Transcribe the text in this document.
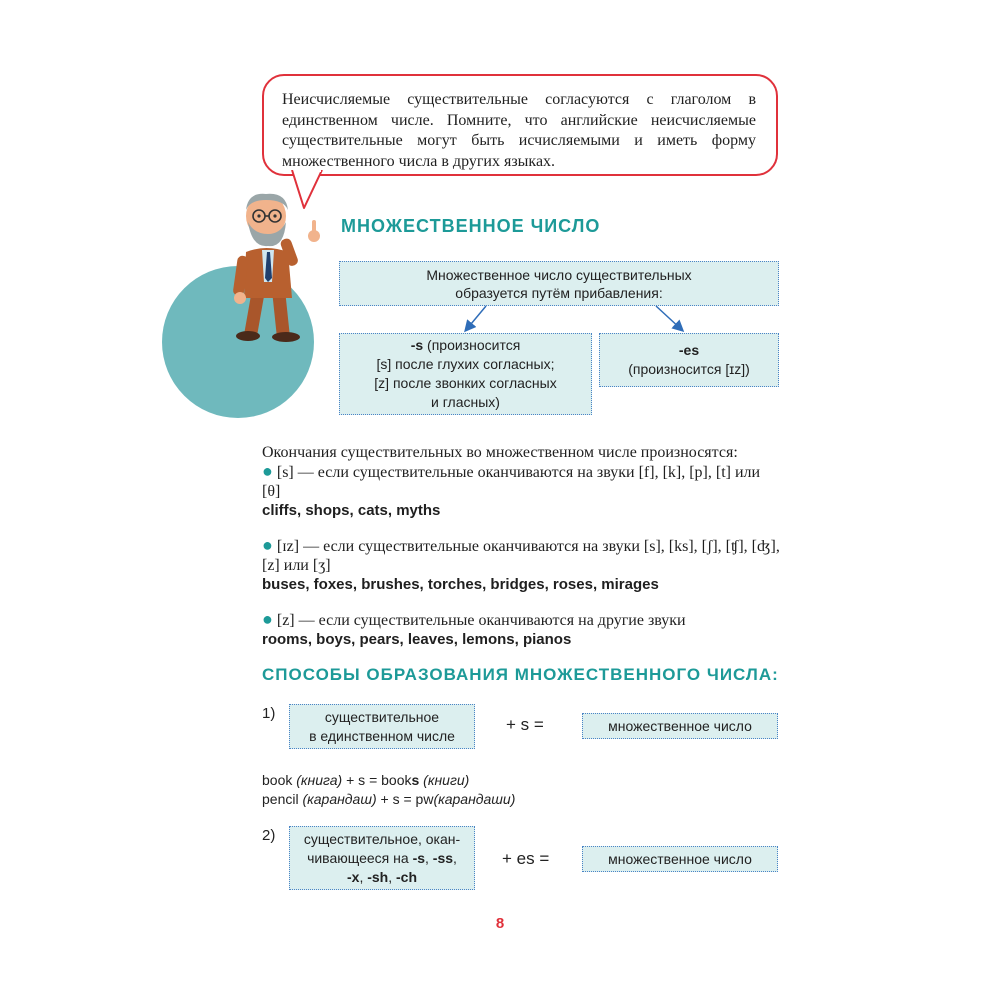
Неисчисляемые существительные согласуются с глаголом в единственном числе. Помните, что английские неисчисляемые существительные могут быть исчисляемыми и иметь форму множественного числа в других языках.

МНОЖЕСТВЕННОЕ ЧИСЛО
Множественное число существительных
образуется путём прибавления:
-s (произносится
[s] после глухих согласных;
[z] после звонких согласных
и гласных)
-es
(произносится [ɪz])
Окончания существительных во множественном числе произносятся:
● [s] — если существительные оканчиваются на звуки [f], [k], [p], [t] или [θ]
cliffs, shops, cats, myths
● [ɪz] — если существительные оканчиваются на звуки [s], [ks], [ʃ], [ʧ], [ʤ], [z] или [ʒ]
buses, foxes, brushes, torches, bridges, roses, mirages
● [z] — если существительные оканчиваются на другие звуки
rooms, boys, pears, leaves, lemons, pianos
СПОСОБЫ ОБРАЗОВАНИЯ МНОЖЕСТВЕННОГО ЧИСЛА:
1)	существительное
в единственном числе
+ s =	множественное число
book (книга) + s = books (книги)
pencil (карандаш) + s = pw(карандаши)
2) существительное, окан-
чивающееся на -s, -ss,
-x, -sh, -ch
+ es =	множественное число
8
